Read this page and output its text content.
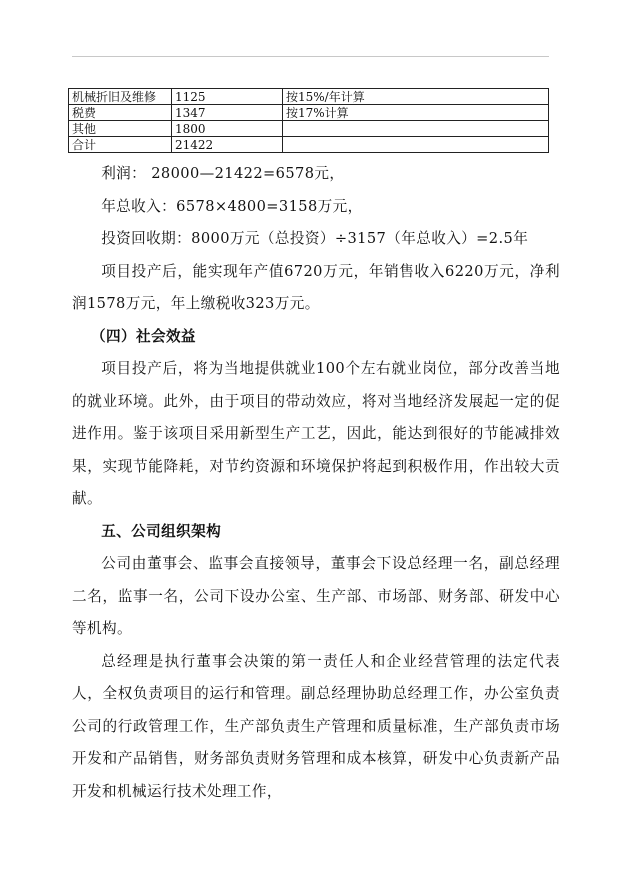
机械折旧及维修	1125	按15%/年计算
税费	1347	按17%计算
其他	1800	
合计	21422	

利润： 28000—21422=6578元，

年总收入：6578×4800=3158万元，

投资回收期：8000万元（总投资）÷3157（年总收入）=2.5年

项目投产后，能实现年产值6720万元，年销售收入6220万元，净利润1578万元，年上缴税收323万元。

（四）社会效益

项目投产后，将为当地提供就业100个左右就业岗位，部分改善当地的就业环境。此外，由于项目的带动效应，将对当地经济发展起一定的促进作用。鉴于该项目采用新型生产工艺，因此，能达到很好的节能减排效果，实现节能降耗，对节约资源和环境保护将起到积极作用，作出较大贡献。

五、公司组织架构

公司由董事会、监事会直接领导，董事会下设总经理一名，副总经理二名，监事一名，公司下设办公室、生产部、市场部、财务部、研发中心等机构。

总经理是执行董事会决策的第一责任人和企业经营管理的法定代表人，全权负责项目的运行和管理。副总经理协助总经理工作，办公室负责公司的行政管理工作，生产部负责生产管理和质量标准，生产部负责市场开发和产品销售，财务部负责财务管理和成本核算，研发中心负责新产品开发和机械运行技术处理工作，
